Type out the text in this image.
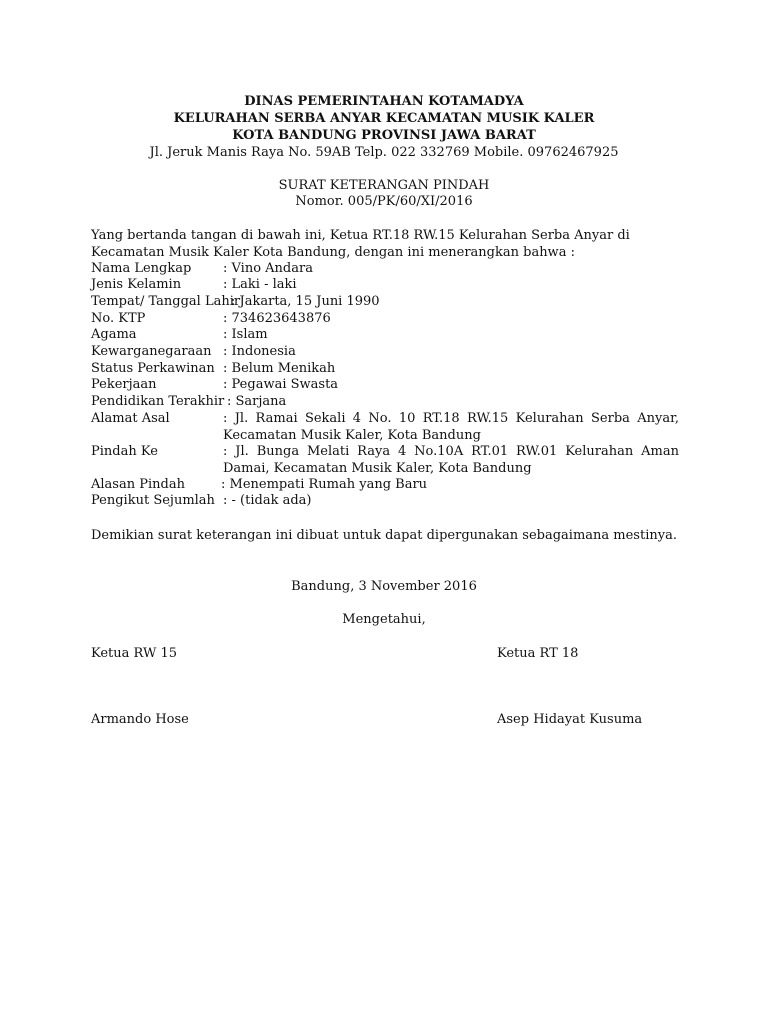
DINAS PEMERINTAHAN KOTAMADYA
KELURAHAN SERBA ANYAR KECAMATAN MUSIK KALER
KOTA BANDUNG PROVINSI JAWA BARAT
Jl. Jeruk Manis Raya No. 59AB Telp. 022 332769 Mobile. 09762467925
SURAT KETERANGAN PINDAH
Nomor. 005/PK/60/XI/2016
Yang bertanda tangan di bawah ini, Ketua RT.18 RW.15 Kelurahan Serba Anyar di Kecamatan Musik Kaler Kota Bandung, dengan ini menerangkan bahwa :
Nama Lengkap : Vino Andara
Jenis Kelamin	: Laki - laki
Tempat/ Tanggal Lahir
: Jakarta, 15 Juni 1990
No. KTP	: 734623643876
Agama	: Islam
Kewarganegaraan : Indonesia
Status Perkawinan : Belum Menikah
Pekerjaan	: Pegawai Swasta
Pendidikan Terakhir : Sarjana
Alamat Asal	: Jl. Ramai Sekali 4 No. 10 RT.18 RW.15 Kelurahan Serba Anyar, Kecamatan Musik Kaler, Kota Bandung
Pindah Ke	: Jl. Bunga Melati Raya 4 No.10A RT.01 RW.01 Kelurahan Aman Damai, Kecamatan Musik Kaler, Kota Bandung
Alasan Pindah	: Menempati Rumah yang Baru
Pengikut Sejumlah : - (tidak ada)
Demikian surat keterangan ini dibuat untuk dapat dipergunakan sebagaimana mestinya.
Bandung, 3 November 2016
Mengetahui,
Ketua RW 15	Ketua RT 18
Armando Hose	Asep Hidayat Kusuma
